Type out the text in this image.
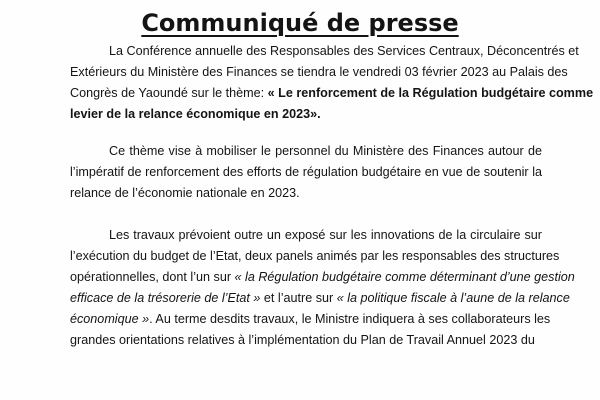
Communiqué de presse
La Conférence annuelle des Responsables des Services Centraux, Déconcentrés et
Extérieurs du Ministère des Finances se tiendra le vendredi 03 février 2023 au Palais des
Congrès de Yaoundé sur le thème: « Le renforcement de la Régulation budgétaire comme
levier de la relance économique en 2023».
Ce thème vise à mobiliser le personnel du Ministère des Finances autour de
l’impératif de renforcement des efforts de régulation budgétaire en vue de soutenir la
relance de l’économie nationale en 2023.
Les travaux prévoient outre un exposé sur les innovations de la circulaire sur
l’exécution du budget de l’Etat, deux panels animés par les responsables des structures
opérationnelles, dont l’un sur « la Régulation budgétaire comme déterminant d’une gestion
efficace de la trésorerie de l’Etat » et l’autre sur « la politique fiscale à l’aune de la relance
économique ». Au terme desdits travaux, le Ministre indiquera à ses collaborateurs les
grandes orientations relatives à l’implémentation du Plan de Travail Annuel 2023 du
